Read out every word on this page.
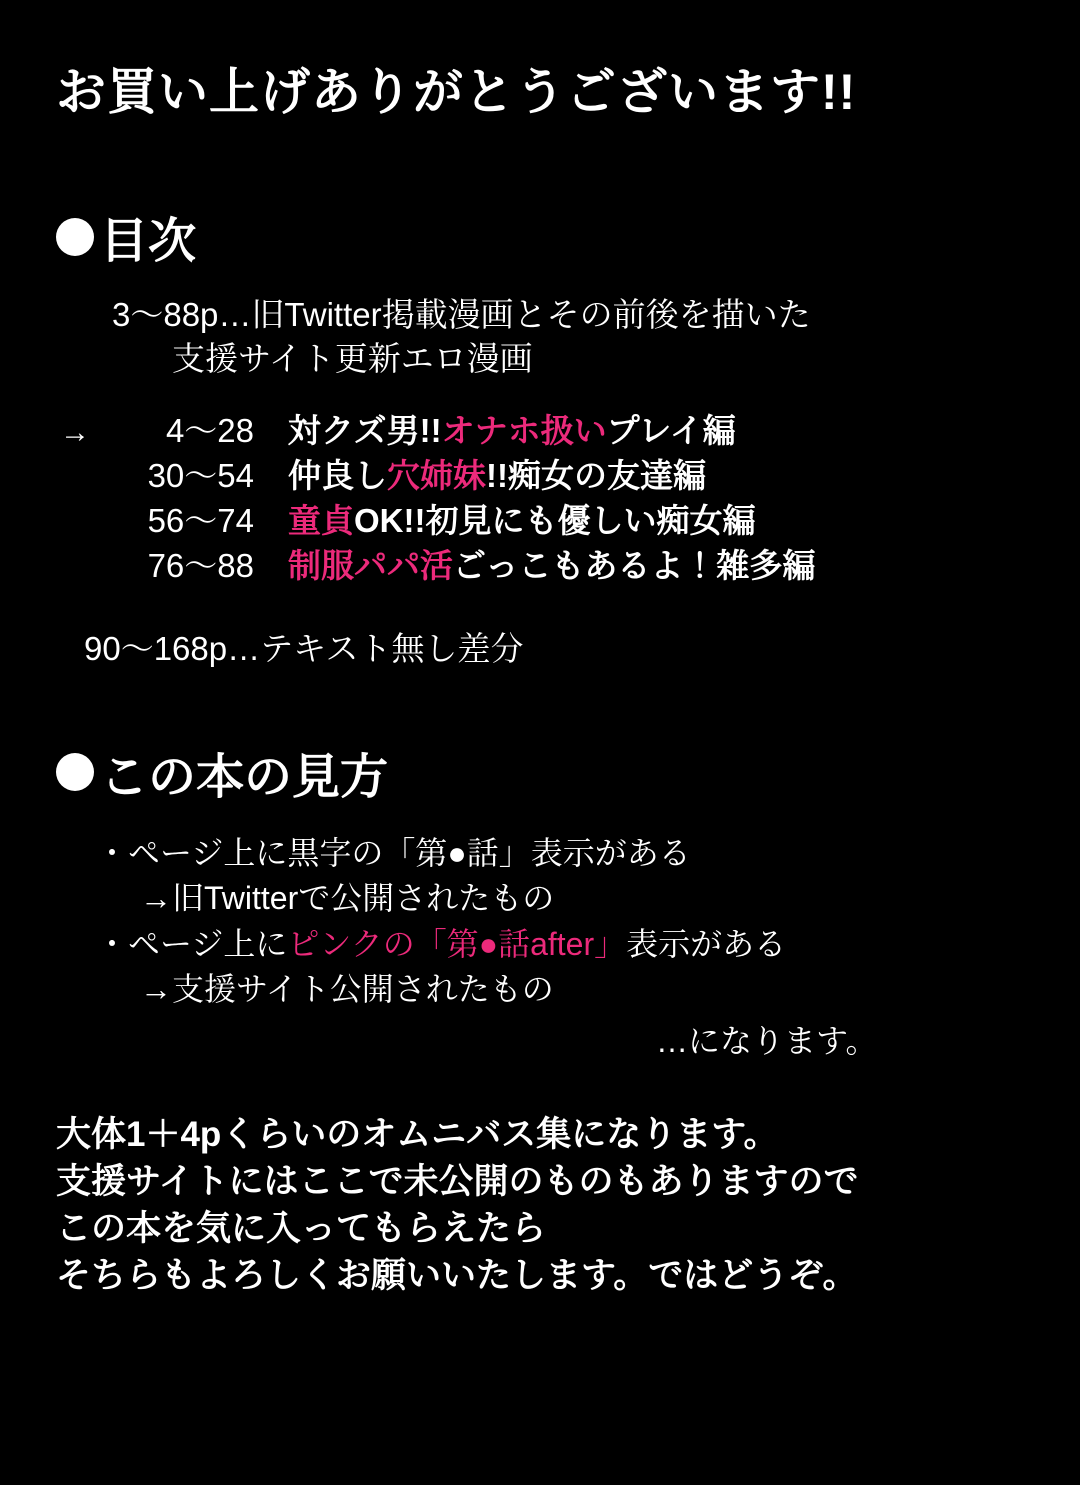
お買い上げありがとうございます!!
目次
3〜88p…旧Twitter掲載漫画とその前後を描いた
支援サイト更新エロ漫画
→	4〜28 対クズ男!!オナホ扱いプレイ編
30〜54 仲良し穴姉妹!!痴女の友達編
56〜74 童貞OK!!初見にも優しい痴女編
76〜88 制服パパ活ごっこもあるよ！雑多編
90〜168p…テキスト無し差分
この本の見方
・ページ上に黒字の「第●話」表示がある
→旧Twitterで公開されたもの
・ページ上にピンクの「第●話after」表示がある
→支援サイト公開されたもの
…になります。
大体1＋4pくらいのオムニバス集になります。
支援サイトにはここで未公開のものもありますので
この本を気に入ってもらえたら
そちらもよろしくお願いいたします。ではどうぞ。
